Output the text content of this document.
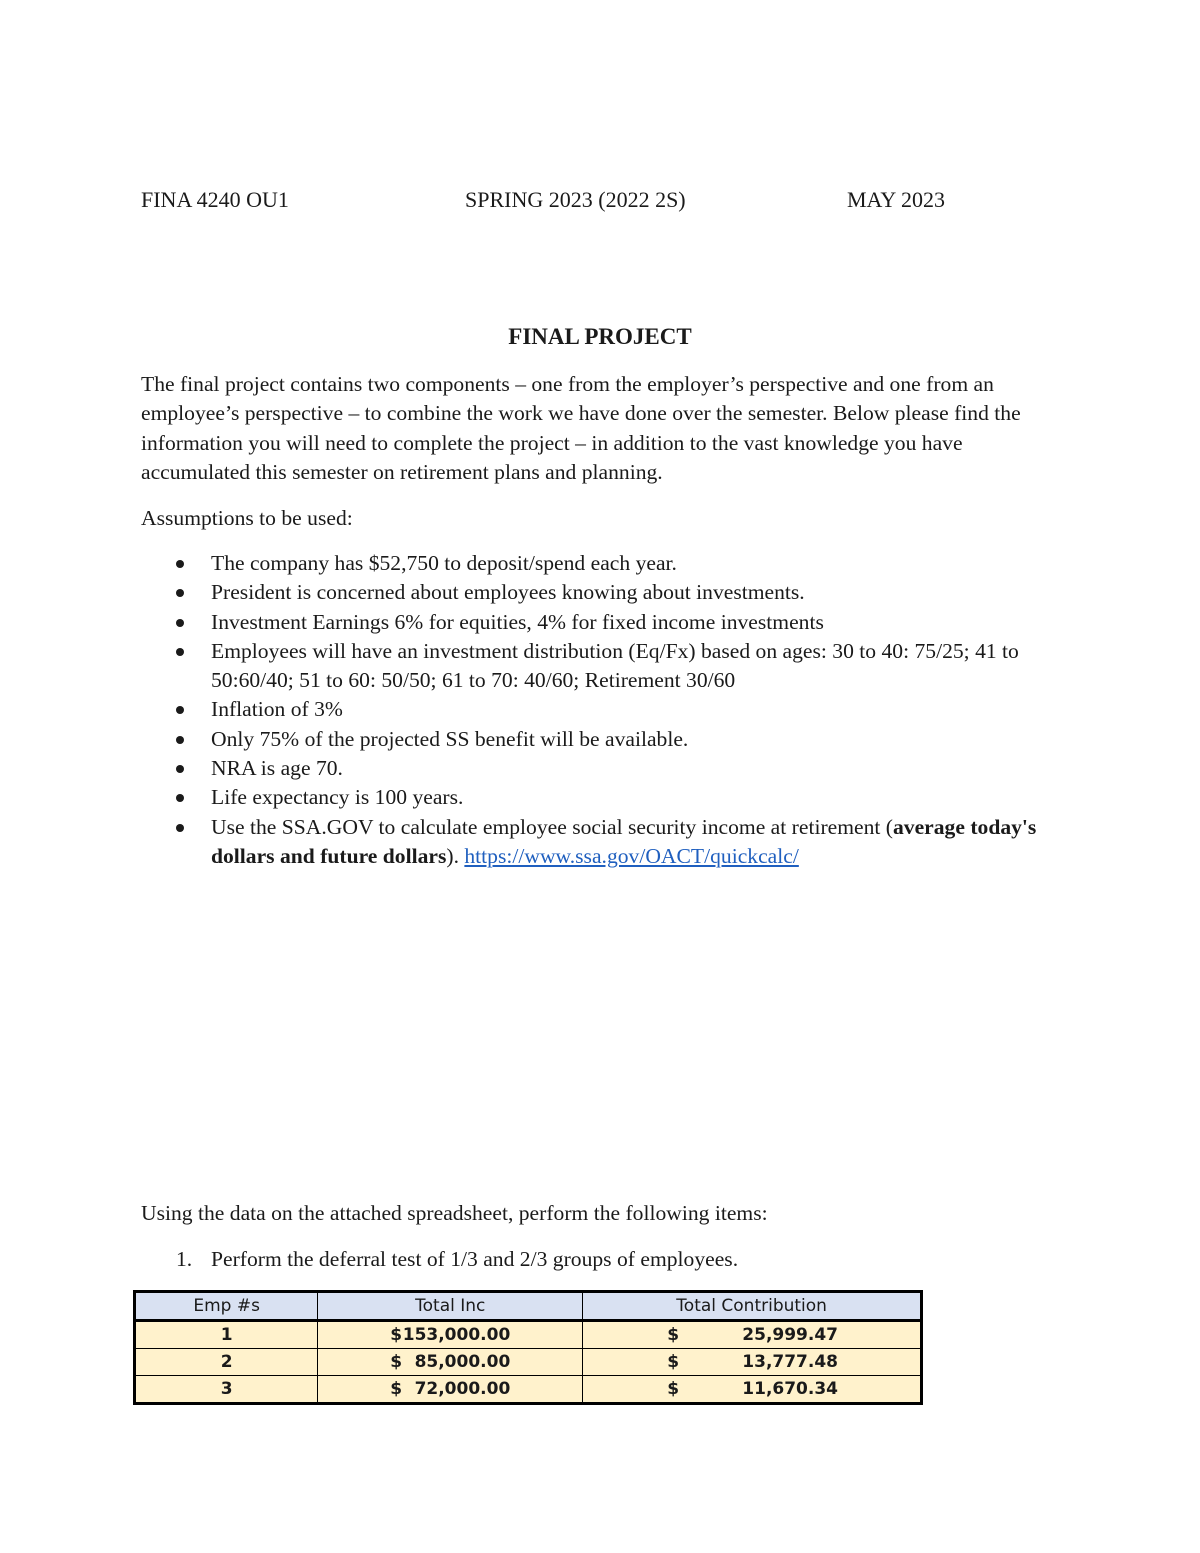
FINA 4240 OU1	SPRING 2023 (2022 2S)	MAY 2023
FINAL PROJECT

The final project contains two components – one from the employer’s perspective and one from an employee’s perspective – to combine the work we have done over the semester. Below please find the information you will need to complete the project – in addition to the vast knowledge you have accumulated this semester on retirement plans and planning.

Assumptions to be used:

The company has $52,750 to deposit/spend each year.
President is concerned about employees knowing about investments.
Investment Earnings 6% for equities, 4% for fixed income investments
Employees will have an investment distribution (Eq/Fx) based on ages: 30 to 40: 75/25; 41 to 50:60/40; 51 to 60: 50/50; 61 to 70: 40/60; Retirement 30/60
Inflation of 3%
Only 75% of the projected SS benefit will be available.
NRA is age 70.
Life expectancy is 100 years.
Use the SSA.GOV to calculate employee social security income at retirement (average today's dollars and future dollars). https://www.ssa.gov/OACT/quickcalc/

Using the data on the attached spreadsheet, perform the following items:

1. Perform the deferral test of 1/3 and 2/3 groups of employees.

Emp #s	Total Inc	Total Contribution
1	$ 153,000.00	$ 25,999.47

2	$ 85,000.00	$ 13,777.48

3	$ 72,000.00	$ 11,670.34
